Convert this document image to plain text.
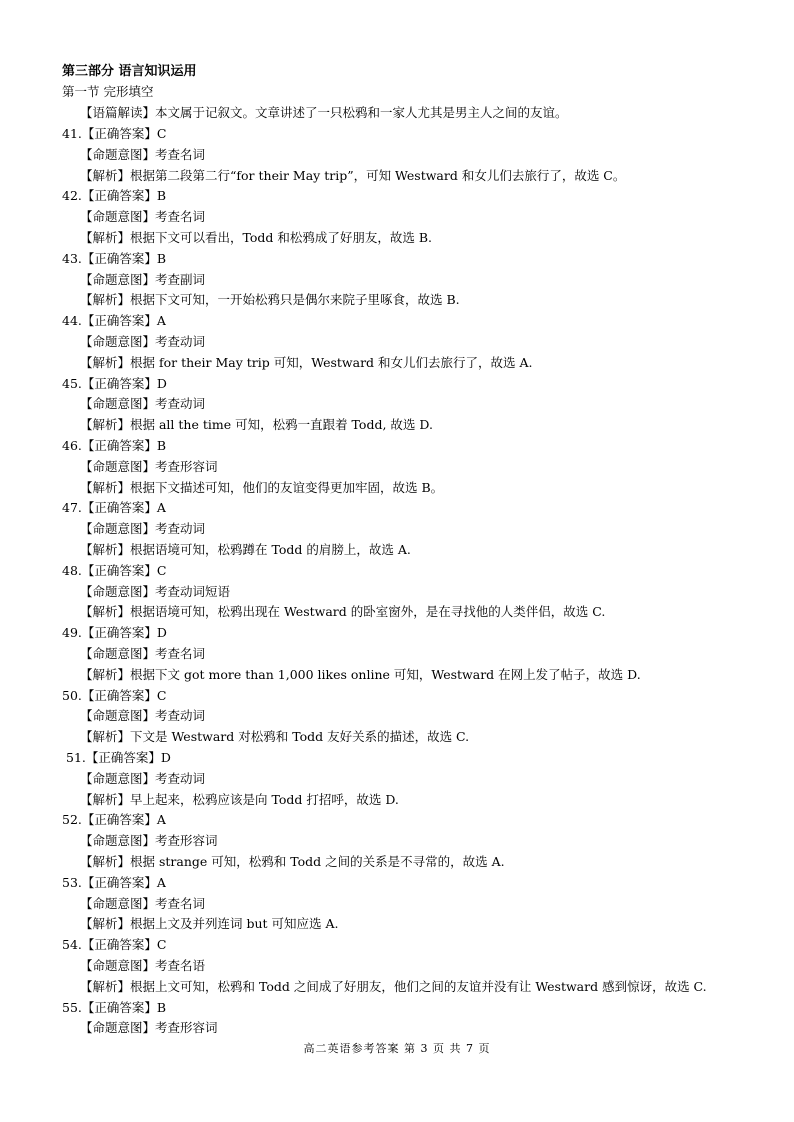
第三部分 语言知识运用
第一节 完形填空
【语篇解读】本文属于记叙文。文章讲述了一只松鸦和一家人尤其是男主人之间的友谊。
41.【正确答案】C
【命题意图】考查名词
【解析】根据第二段第二行“for their May trip”，可知 Westward 和女儿们去旅行了，故选 C。
42.【正确答案】B
【命题意图】考查名词
【解析】根据下文可以看出，Todd 和松鸦成了好朋友，故选 B.
43.【正确答案】B
【命题意图】考查副词
【解析】根据下文可知，一开始松鸦只是偶尔来院子里啄食，故选 B.
44.【正确答案】A
【命题意图】考查动词
【解析】根据 for their May trip 可知，Westward 和女儿们去旅行了，故选 A.
45.【正确答案】D
【命题意图】考查动词
【解析】根据 all the time 可知，松鸦一直跟着 Todd, 故选 D.
46.【正确答案】B
【命题意图】考查形容词
【解析】根据下文描述可知，他们的友谊变得更加牢固，故选 B。
47.【正确答案】A
【命题意图】考查动词
【解析】根据语境可知，松鸦蹲在 Todd 的肩膀上，故选 A.
48.【正确答案】C
【命题意图】考查动词短语
【解析】根据语境可知，松鸦出现在 Westward 的卧室窗外，是在寻找他的人类伴侣，故选 C.
49.【正确答案】D
【命题意图】考查名词
【解析】根据下文 got more than 1,000 likes online 可知，Westward 在网上发了帖子，故选 D.
50.【正确答案】C
【命题意图】考查动词
【解析】下文是 Westward 对松鸦和 Todd 友好关系的描述，故选 C.
51.【正确答案】D
【命题意图】考查动词
【解析】早上起来，松鸦应该是向 Todd 打招呼，故选 D.
52.【正确答案】A
【命题意图】考查形容词
【解析】根据 strange 可知，松鸦和 Todd 之间的关系是不寻常的，故选 A.
53.【正确答案】A
【命题意图】考查名词
【解析】根据上文及并列连词 but 可知应选 A.
54.【正确答案】C
【命题意图】考查名语
【解析】根据上文可知，松鸦和 Todd 之间成了好朋友，他们之间的友谊并没有让 Westward 感到惊讶，故选 C.
55.【正确答案】B
【命题意图】考查形容词
高二英语参考答案 第 3 页 共 7 页
